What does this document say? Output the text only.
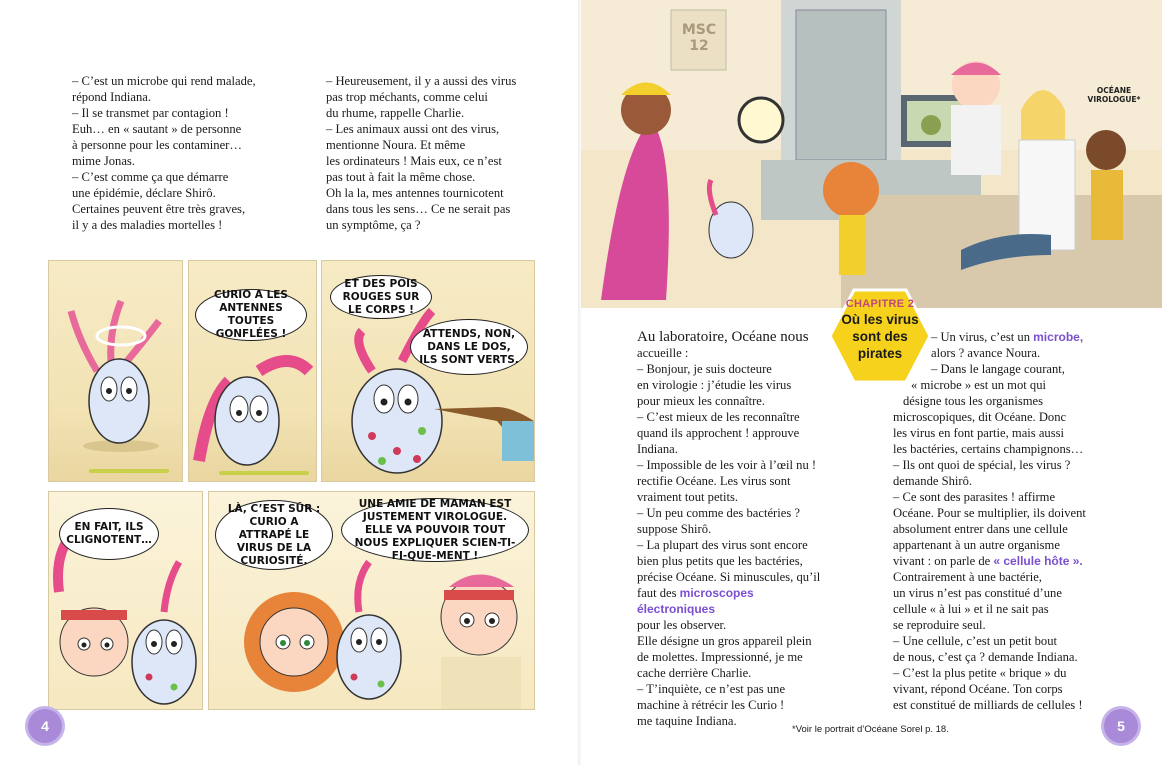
– C’est un microbe qui rend malade,

répond Indiana.

– Il se transmet par contagion !

Euh… en « sautant » de personne

à personne pour les contaminer…

mime Jonas.

– C’est comme ça que démarre

une épidémie, déclare Shirô.

Certaines peuvent être très graves,

il y a des maladies mortelles !

– Heureusement, il y a aussi des virus

pas trop méchants, comme celui

du rhume, rappelle Charlie.

– Les animaux aussi ont des virus,

mentionne Noura. Et même

les ordinateurs ! Mais eux, ce n’est

pas tout à fait la même chose.

Oh la la, mes antennes tournicotent

dans tous les sens… Ce ne serait pas

un symptôme, ça ?

CURIO A LES ANTENNES TOUTES GONFLÉES !
ET DES POIS ROUGES SUR LE CORPS !
ATTENDS, NON, DANS LE DOS, ILS SONT VERTS.
EN FAIT, ILS CLIGNOTENT…
LÀ, C’EST SÛR : CURIO A ATTRAPÉ LE VIRUS DE LA CURIOSITÉ.
UNE AMIE DE MAMAN EST JUSTEMENT VIROLOGUE. ELLE VA POUVOIR TOUT NOUS EXPLIQUER SCIEN-TI-FI-QUE-MENT !
4
MSC 12
OCÉANE VIROLOGUE*
CHAPITRE 2
Où les virus
sont des
pirates

Au laboratoire, Océane nous

accueille :

– Bonjour, je suis docteure

en virologie : j’étudie les virus

pour mieux les connaître.

– C’est mieux de les reconnaître

quand ils approchent ! approuve

Indiana.

– Impossible de les voir à l’œil nu !

rectifie Océane. Les virus sont

vraiment tout petits.

– Un peu comme des bactéries ?

suppose Shirô.

– La plupart des virus sont encore

bien plus petits que les bactéries,

précise Océane. Si minuscules, qu’il

faut des microscopes électroniques

pour les observer.

Elle désigne un gros appareil plein

de molettes. Impressionné, je me

cache derrière Charlie.

– T’inquiète, ce n’est pas une

machine à rétrécir les Curio !

me taquine Indiana.

– Un virus, c’est un microbe,

alors ? avance Noura.

– Dans le langage courant,

« microbe » est un mot qui

désigne tous les organismes

microscopiques, dit Océane. Donc

les virus en font partie, mais aussi

les bactéries, certains champignons…

– Ils ont quoi de spécial, les virus ?

demande Shirô.

– Ce sont des parasites ! affirme

Océane. Pour se multiplier, ils doivent

absolument entrer dans une cellule

appartenant à un autre organisme

vivant : on parle de « cellule hôte ».

Contrairement à une bactérie,

un virus n’est pas constitué d’une

cellule « à lui » et il ne sait pas

se reproduire seul.

– Une cellule, c’est un petit bout

de nous, c’est ça ? demande Indiana.

– C’est la plus petite « brique » du

vivant, répond Océane. Ton corps

est constitué de milliards de cellules !

*Voir le portrait d’Océane Sorel p. 18.	5
